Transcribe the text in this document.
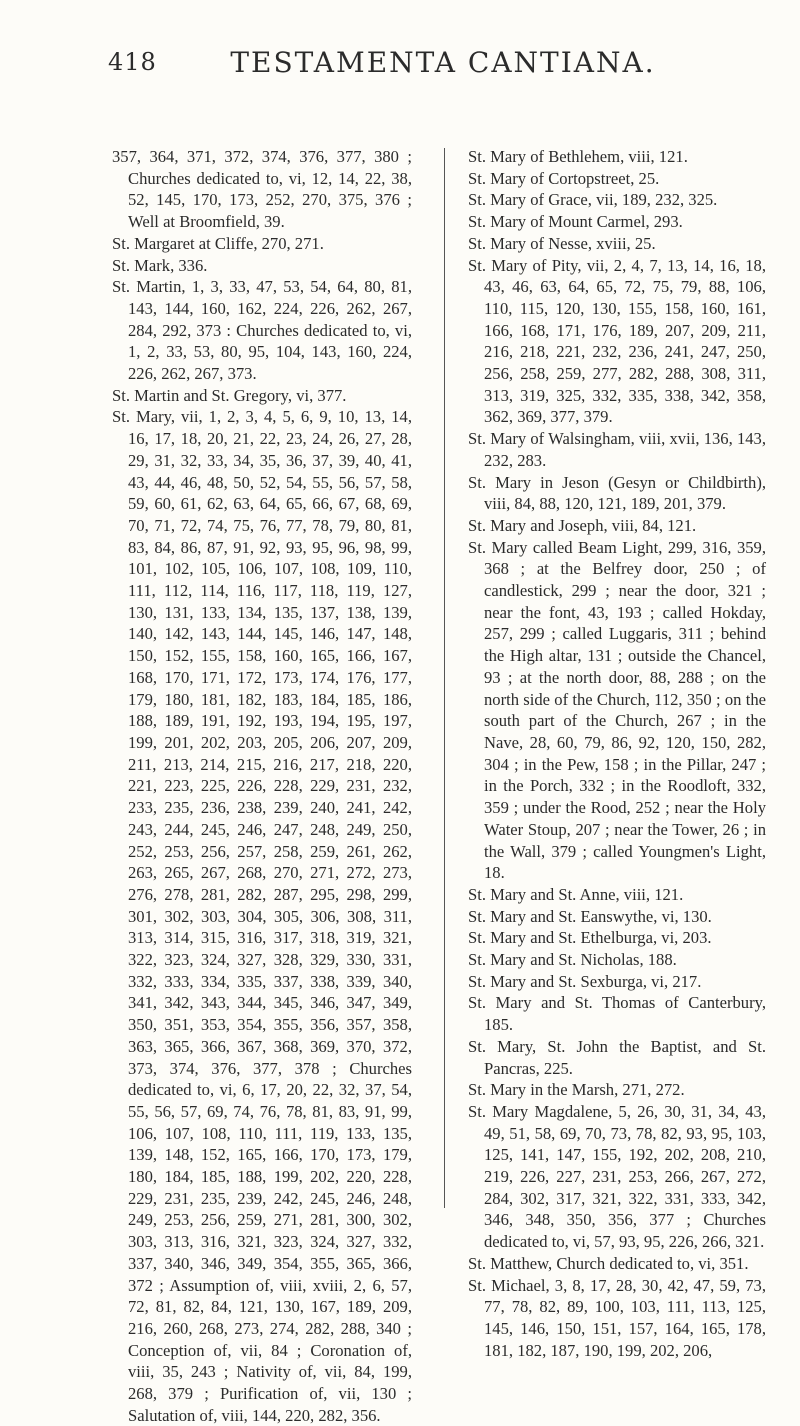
418	TESTAMENTA CANTIANA.

357, 364, 371, 372, 374, 376, 377, 380 ; Churches dedicated to, vi, 12, 14, 22, 38, 52, 145, 170, 173, 252, 270, 375, 376 ; Well at Broomfield, 39.

St. Margaret at Cliffe, 270, 271.

St. Mark, 336.

St. Martin, 1, 3, 33, 47, 53, 54, 64, 80, 81, 143, 144, 160, 162, 224, 226, 262, 267, 284, 292, 373 : Churches dedicated to, vi, 1, 2, 33, 53, 80, 95, 104, 143, 160, 224, 226, 262, 267, 373.

St. Martin and St. Gregory, vi, 377.

St. Mary, vii, 1, 2, 3, 4, 5, 6, 9, 10, 13, 14, 16, 17, 18, 20, 21, 22, 23, 24, 26, 27, 28, 29, 31, 32, 33, 34, 35, 36, 37, 39, 40, 41, 43, 44, 46, 48, 50, 52, 54, 55, 56, 57, 58, 59, 60, 61, 62, 63, 64, 65, 66, 67, 68, 69, 70, 71, 72, 74, 75, 76, 77, 78, 79, 80, 81, 83, 84, 86, 87, 91, 92, 93, 95, 96, 98, 99, 101, 102, 105, 106, 107, 108, 109, 110, 111, 112, 114, 116, 117, 118, 119, 127, 130, 131, 133, 134, 135, 137, 138, 139, 140, 142, 143, 144, 145, 146, 147, 148, 150, 152, 155, 158, 160, 165, 166, 167, 168, 170, 171, 172, 173, 174, 176, 177, 179, 180, 181, 182, 183, 184, 185, 186, 188, 189, 191, 192, 193, 194, 195, 197, 199, 201, 202, 203, 205, 206, 207, 209, 211, 213, 214, 215, 216, 217, 218, 220, 221, 223, 225, 226, 228, 229, 231, 232, 233, 235, 236, 238, 239, 240, 241, 242, 243, 244, 245, 246, 247, 248, 249, 250, 252, 253, 256, 257, 258, 259, 261, 262, 263, 265, 267, 268, 270, 271, 272, 273, 276, 278, 281, 282, 287, 295, 298, 299, 301, 302, 303, 304, 305, 306, 308, 311, 313, 314, 315, 316, 317, 318, 319, 321, 322, 323, 324, 327, 328, 329, 330, 331, 332, 333, 334, 335, 337, 338, 339, 340, 341, 342, 343, 344, 345, 346, 347, 349, 350, 351, 353, 354, 355, 356, 357, 358, 363, 365, 366, 367, 368, 369, 370, 372, 373, 374, 376, 377, 378 ; Churches dedicated to, vi, 6, 17, 20, 22, 32, 37, 54, 55, 56, 57, 69, 74, 76, 78, 81, 83, 91, 99, 106, 107, 108, 110, 111, 119, 133, 135, 139, 148, 152, 165, 166, 170, 173, 179, 180, 184, 185, 188, 199, 202, 220, 228, 229, 231, 235, 239, 242, 245, 246, 248, 249, 253, 256, 259, 271, 281, 300, 302, 303, 313, 316, 321, 323, 324, 327, 332, 337, 340, 346, 349, 354, 355, 365, 366, 372 ; Assumption of, viii, xviii, 2, 6, 57, 72, 81, 82, 84, 121, 130, 167, 189, 209, 216, 260, 268, 273, 274, 282, 288, 340 ; Conception of, vii, 84 ; Coronation of, viii, 35, 243 ; Nativity of, vii, 84, 199, 268, 379 ; Purification of, vii, 130 ; Salutation of, viii, 144, 220, 282, 356.

St. Mary of Bethlehem, viii, 121.

St. Mary of Cortopstreet, 25.

St. Mary of Grace, vii, 189, 232, 325.

St. Mary of Mount Carmel, 293.

St. Mary of Nesse, xviii, 25.

St. Mary of Pity, vii, 2, 4, 7, 13, 14, 16, 18, 43, 46, 63, 64, 65, 72, 75, 79, 88, 106, 110, 115, 120, 130, 155, 158, 160, 161, 166, 168, 171, 176, 189, 207, 209, 211, 216, 218, 221, 232, 236, 241, 247, 250, 256, 258, 259, 277, 282, 288, 308, 311, 313, 319, 325, 332, 335, 338, 342, 358, 362, 369, 377, 379.

St. Mary of Walsingham, viii, xvii, 136, 143, 232, 283.

St. Mary in Jeson (Gesyn or Childbirth), viii, 84, 88, 120, 121, 189, 201, 379.

St. Mary and Joseph, viii, 84, 121.

St. Mary called Beam Light, 299, 316, 359, 368 ; at the Belfrey door, 250 ; of candlestick, 299 ; near the door, 321 ; near the font, 43, 193 ; called Hokday, 257, 299 ; called Luggaris, 311 ; behind the High altar, 131 ; outside the Chancel, 93 ; at the north door, 88, 288 ; on the north side of the Church, 112, 350 ; on the south part of the Church, 267 ; in the Nave, 28, 60, 79, 86, 92, 120, 150, 282, 304 ; in the Pew, 158 ; in the Pillar, 247 ; in the Porch, 332 ; in the Roodloft, 332, 359 ; under the Rood, 252 ; near the Holy Water Stoup, 207 ; near the Tower, 26 ; in the Wall, 379 ; called Youngmen's Light, 18.

St. Mary and St. Anne, viii, 121.

St. Mary and St. Eanswythe, vi, 130.

St. Mary and St. Ethelburga, vi, 203.

St. Mary and St. Nicholas, 188.

St. Mary and St. Sexburga, vi, 217.

St. Mary and St. Thomas of Canterbury, 185.

St. Mary, St. John the Baptist, and St. Pancras, 225.

St. Mary in the Marsh, 271, 272.

St. Mary Magdalene, 5, 26, 30, 31, 34, 43, 49, 51, 58, 69, 70, 73, 78, 82, 93, 95, 103, 125, 141, 147, 155, 192, 202, 208, 210, 219, 226, 227, 231, 253, 266, 267, 272, 284, 302, 317, 321, 322, 331, 333, 342, 346, 348, 350, 356, 377 ; Churches dedicated to, vi, 57, 93, 95, 226, 266, 321.

St. Matthew, Church dedicated to, vi, 351.

St. Michael, 3, 8, 17, 28, 30, 42, 47, 59, 73, 77, 78, 82, 89, 100, 103, 111, 113, 125, 145, 146, 150, 151, 157, 164, 165, 178, 181, 182, 187, 190, 199, 202, 206,
